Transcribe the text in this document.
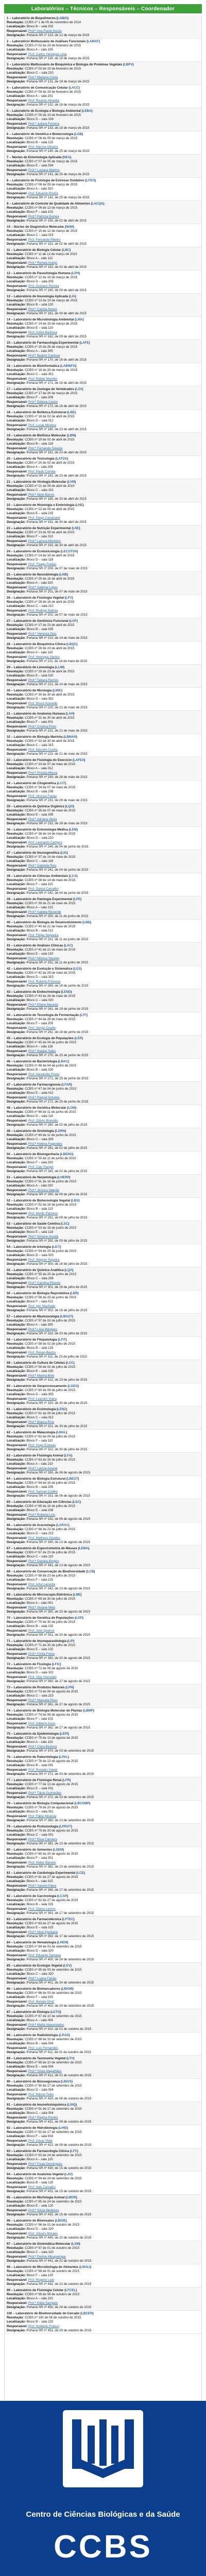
Laboratórios – Técnicos – Responsáveis – Coordenador
1 – Laboratório de Biopolímeros (LABIO)
Resolução: CCBS nº 1 de 05 de novembro de 2014
Localização: Bloco B – sala 302
Responsável: Prof.ª Ana Paula Souza
Designação: Portaria SR nº 123, de 12 de março de 2015
2 – Laboratório Multiusuário de Análises Funcionais (LAMAF)
Resolução: CCBS nº 02 de 19 de fevereiro de 2015
Localização: Bloco A – sala 105
Responsável: Prof. Carlos Henrique Lima
Designação: Portaria SR nº 130, de 18 de março de 2015
3 – Laboratório Multiusuário de Bioquímica e Biologia de Proteínas Vegetais (LBPV)
Resolução: CCBS nº 03 de 19 de fevereiro de 2015
Localização: Bloco C – sala 210
Responsável: Prof.ª Mariana Costa
Designação: Portaria SR nº 131, de 18 de março de 2015
4 – Laboratório de Comunicação Celular (LACC)
Resolução: CCBS nº 04 de 19 de fevereiro de 2015
Localização: Bloco A – sala 201
Responsável: Prof. Ricardo Almeida
Designação: Portaria SR nº 132, de 18 de março de 2015
5 – Laboratório de Ecologia e Biologia Ambiental (LEBA)
Resolução: CCBS nº 05 de 19 de fevereiro de 2015
Localização: Bloco D – sala 108
Responsável: Prof.ª Juliana Ferreira
Designação: Portaria SR nº 133, de 18 de março de 2015
6 – Laboratório de Genética e Biotecnologia (LGB)
Resolução: CCBS nº 06 de 05 de março de 2015
Localização: Bloco B – sala 115
Responsável: Prof. Marcos Oliveira
Designação: Portaria SR nº 140, de 25 de março de 2015
7 – Núcleo de Entomologia Aplicada (NEA)
Resolução: CCBS nº 07 de 05 de março de 2015
Localização: Bloco E – sala 004
Responsável: Prof.ª Luciana Martins
Designação: Portaria SR nº 141, de 25 de março de 2015
8 – Laboratório de Fisiologia de Estresse Oxidativo (LFEO)
Resolução: CCBS nº 08 de 05 de março de 2015
Localização: Bloco A – sala 310
Responsável: Prof. Eduardo Rocha
Designação: Portaria SR nº 142, de 25 de março de 2015
9 – Laboratório de Controle de Qualidade de Alimentos (LACQA)
Resolução: CCBS nº 09 de 12 de março de 2015
Localização: Bloco F – sala 102
Responsável: Prof.ª Patrícia Gomes
Designação: Portaria SR nº 150, de 02 de abril de 2015
10 – Núcleo de Diagnóstico Molecular (NDM)
Resolução: CCBS nº 10 de 12 de março de 2015
Localização: Bloco C – sala 015
Responsável: Prof. Fernando Ribeiro
Designação: Portaria SR nº 151, de 02 de abril de 2015
11 – Laboratório de Biologia Celular (LBC)
Resolução: CCBS nº 11 de 12 de março de 2015
Localização: Bloco A – sala 112
Responsável: Prof.ª Renata Araújo
Designação: Portaria SR nº 152, de 02 de abril de 2015
12 – Laboratório de Parasitologia Humana (LPH)
Resolução: CCBS nº 12 de 19 de março de 2015
Localização: Bloco D – sala 205
Responsável: Prof. Gustavo Pereira
Designação: Portaria SR nº 160, de 09 de abril de 2015
13 – Laboratório de Imunologia Aplicada (LIA)
Resolução: CCBS nº 13 de 19 de março de 2015
Localização: Bloco B – sala 220
Responsável: Prof.ª Camila Nunes
Designação: Portaria SR nº 161, de 09 de abril de 2015
14 – Laboratório de Microbiologia Ambiental (LMA)
Resolução: CCBS nº 14 de 19 de março de 2015
Localização: Bloco E – sala 110
Responsável: Prof. André Barbosa
Designação: Portaria SR nº 162, de 09 de abril de 2015
15 – Laboratório de Farmacologia Experimental (LAFE)
Resolução: CCBS nº 15 de 26 de março de 2015
Localização: Bloco A – sala 305
Responsável: Prof.ª Beatriz Cardoso
Designação: Portaria SR nº 170, de 16 de abril de 2015
16 – Laboratório de Bioinformática (LABINFO)
Resolução: CCBS nº 16 de 26 de março de 2015
Localização: Bloco C – sala 301
Responsável: Prof. Rafael Mendes
Designação: Portaria SR nº 171, de 16 de abril de 2015
17 – Laboratório de Zoologia de Vertebrados (LZV)
Resolução: CCBS nº 17 de 26 de março de 2015
Localização: Bloco F – sala 208
Responsável: Prof.ª Débora Castro
Designação: Portaria SR nº 172, de 16 de abril de 2015
18 – Laboratório de Botânica Estrutural (LBE)
Resolução: CCBS nº 18 de 02 de abril de 2015
Localização: Bloco D – sala 012
Responsável: Prof. Lucas Moreira
Designação: Portaria SR nº 180, de 23 de abril de 2015
19 – Laboratório de Biofísica Molecular (LBM)
Resolução: CCBS nº 19 de 02 de abril de 2015
Localização: Bloco B – sala 118
Responsável: Prof.ª Fernanda Teixeira
Designação: Portaria SR nº 181, de 23 de abril de 2015
20 – Laboratório de Toxicologia (LATOX)
Resolução: CCBS nº 20 de 02 de abril de 2015
Localização: Bloco A – sala 208
Responsável: Prof. Paulo Correia
Designação: Portaria SR nº 182, de 23 de abril de 2015
21 – Laboratório de Virologia Molecular (LVM)
Resolução: CCBS nº 21 de 09 de abril de 2015
Localização: Bloco C – sala 102
Responsável: Prof.ª Aline Barros
Designação: Portaria SR nº 190, de 30 de abril de 2015
22 – Laboratório de Histologia e Embriologia (LHE)
Resolução: CCBS nº 22 de 09 de abril de 2015
Localização: Bloco E – sala 215
Responsável: Prof. Diego Cavalcanti
Designação: Portaria SR nº 191, de 30 de abril de 2015
23 – Laboratório de Nutrição Experimental (LNE)
Resolução: CCBS nº 23 de 09 de abril de 2015
Localização: Bloco F – sala 310
Responsável: Prof.ª Larissa Monteiro
Designação: Portaria SR nº 192, de 30 de abril de 2015
24 – Laboratório de Ecotoxicologia (LECOTOX)
Resolução: CCBS nº 24 de 16 de abril de 2015
Localização: Bloco D – sala 118
Responsável: Prof. Thiago Freitas
Designação: Portaria SR nº 200, de 07 de maio de 2015
25 – Laboratório de Neurobiologia (LNB)
Resolução: CCBS nº 25 de 16 de abril de 2015
Localização: Bloco A – sala 320
Responsável: Prof.ª Sabrina Lopes
Designação: Portaria SR nº 201, de 07 de maio de 2015
26 – Laboratório de Fisiologia Vegetal (LFV)
Resolução: CCBS nº 26 de 16 de abril de 2015
Localização: Bloco C – sala 210
Responsável: Prof. Rodrigo Batista
Designação: Portaria SR nº 202, de 07 de maio de 2015
27 – Laboratório de Genômica Funcional (LGF)
Resolução: CCBS nº 27 de 23 de abril de 2015
Localização: Bloco B – sala 305
Responsável: Prof.ª Vanessa Dias
Designação: Portaria SR nº 210, de 14 de maio de 2015
28 – Laboratório de Bioquímica Clínica (LBQC)
Resolução: CCBS nº 28 de 23 de abril de 2015
Localização: Bloco A – sala 110
Responsável: Prof. Henrique Santos
Designação: Portaria SR nº 211, de 14 de maio de 2015
29 – Laboratório de Limnologia (LLIM)
Resolução: CCBS nº 29 de 23 de abril de 2015
Localização: Bloco E – sala 020
Responsável: Prof.ª Tatiana Ramos
Designação: Portaria SR nº 212, de 14 de maio de 2015
30 – Laboratório de Micologia (LMIC)
Resolução: CCBS nº 30 de 30 de abril de 2015
Localização: Bloco D – sala 302
Responsável: Prof. Bruno Azevedo
Designação: Portaria SR nº 220, de 21 de maio de 2015
31 – Laboratório de Anatomia Humana (LAH)
Resolução: CCBS nº 31 de 30 de abril de 2015
Localização: Bloco F – sala 001
Responsável: Prof.ª Cristina Pinto
Designação: Portaria SR nº 221, de 21 de maio de 2015
32 – Laboratório de Biologia Marinha (LBMAR)
Resolução: CCBS nº 32 de 30 de abril de 2015
Localização: Bloco C – sala 315
Responsável: Prof. Marcelo Cunha
Designação: Portaria SR nº 222, de 21 de maio de 2015
33 – Laboratório de Fisiologia do Exercício (LAFEX)
Resolução: CCBS nº 33 de 07 de maio de 2015
Localização: Bloco A – sala 012
Responsável: Prof.ª Priscila Moura
Designação: Portaria SR nº 230, de 28 de maio de 2015
34 – Laboratório de Citogenética (LCIT)
Resolução: CCBS nº 34 de 07 de maio de 2015
Localização: Bloco B – sala 208
Responsável: Prof. Vinícius Farias
Designação: Portaria SR nº 231, de 28 de maio de 2015
35 – Laboratório de Química Orgânica (LQO)
Resolução: CCBS nº 35 de 07 de maio de 2015
Localização: Bloco E – sala 305
Responsável: Prof.ª Adriana Vieira
Designação: Portaria SR nº 232, de 28 de maio de 2015
36 – Laboratório de Entomologia Médica (LEM)
Resolução: CCBS nº 36 de 14 de maio de 2015
Localização: Bloco D – sala 210
Responsável: Prof. Leonardo Campos
Designação: Portaria SR nº 240, de 04 de junho de 2015
37 – Laboratório de Imunogenética (LIG)
Resolução: CCBS nº 37 de 14 de maio de 2015
Localização: Bloco C – sala 118
Responsável: Prof.ª Gabriela Reis
Designação: Portaria SR nº 241, de 04 de junho de 2015
38 – Laboratório de Ciências Ambientais (LCA)
Resolução: CCBS nº 38 de 14 de maio de 2015
Localização: Bloco F – sala 115
Responsável: Prof. Daniel Carvalho
Designação: Portaria SR nº 242, de 04 de junho de 2015
39 – Laboratório de Patologia Experimental (LPE)
Resolução: CCBS nº 39 de 21 de maio de 2015
Localização: Bloco A – sala 215
Responsável: Prof.ª Isabela Rezende
Designação: Portaria SR nº 250, de 11 de junho de 2015
40 – Laboratório de Biologia do Desenvolvimento (LBD)
Resolução: CCBS nº 40 de 21 de maio de 2015
Localização: Bloco B – sala 012
Responsável: Prof. Felipe Nogueira
Designação: Portaria SR nº 251, de 11 de junho de 2015
41 – Laboratório de Análises Clínicas (LAC)
Resolução: CCBS nº 41 de 21 de maio de 2015
Localização: Bloco E – sala 210
Responsável: Prof.ª Mônica Tavares
Designação: Portaria SR nº 252, de 11 de junho de 2015
42 – Laboratório de Evolução e Sistemática (LES)
Resolução: CCBS nº 42 de 28 de maio de 2015
Localização: Bloco D – sala 315
Responsável: Prof. Roberto Fonseca
Designação: Portaria SR nº 260, de 18 de junho de 2015
43 – Laboratório de Endocrinologia (LEND)
Resolução: CCBS nº 43 de 28 de maio de 2015
Localização: Bloco C – sala 020
Responsável: Prof.ª Eliane Macedo
Designação: Portaria SR nº 261, de 18 de junho de 2015
44 – Laboratório de Tecnologia de Fermentação (LTF)
Resolução: CCBS nº 44 de 28 de maio de 2015
Localização: Bloco F – sala 205
Responsável: Prof. Sérgio Duarte
Designação: Portaria SR nº 262, de 18 de junho de 2015
45 – Laboratório de Ecologia de Populações (LEP)
Resolução: CCBS nº 45 de 04 de junho de 2015
Localização: Bloco A – sala 118
Responsável: Prof.ª Natália Sales
Designação: Portaria SR nº 270, de 25 de junho de 2015
46 – Laboratório de Bacteriologia (LBAC)
Resolução: CCBS nº 46 de 04 de junho de 2015
Localização: Bloco B – sala 320
Responsável: Prof. Alexandre Prado
Designação: Portaria SR nº 271, de 25 de junho de 2015
47 – Laboratório de Farmacognosia (LFAR)
Resolução: CCBS nº 47 de 04 de junho de 2015
Localização: Bloco E – sala 012
Responsável: Prof.ª Raquel Antunes
Designação: Portaria SR nº 272, de 25 de junho de 2015
48 – Laboratório de Genética Molecular (LGM)
Resolução: CCBS nº 48 de 11 de junho de 2015
Localização: Bloco D – sala 110
Responsável: Prof. Otávio Brandão
Designação: Portaria SR nº 280, de 02 de julho de 2015
49 – Laboratório de Ornitologia (LORN)
Resolução: CCBS nº 49 de 11 de junho de 2015
Localização: Bloco C – sala 305
Responsável: Prof.ª Helena Fagundes
Designação: Portaria SR nº 281, de 02 de julho de 2015
50 – Laboratório de Bioengenharia (LBENG)
Resolução: CCBS nº 50 de 11 de junho de 2015
Localização: Bloco F – sala 320
Responsável: Prof. Caio Rangel
Designação: Portaria SR nº 282, de 02 de julho de 2015
51 – Laboratório de Herpetologia (LHERP)
Resolução: CCBS nº 51 de 18 de junho de 2015
Localização: Bloco A – sala 020
Responsável: Prof.ª Jéssica Valente
Designação: Portaria SR nº 290, de 09 de julho de 2015
52 – Laboratório de Biotecnologia Vegetal (LBV)
Resolução: CCBS nº 52 de 18 de junho de 2015
Localização: Bloco B – sala 110
Responsável: Prof. Murilo Pacheco
Designação: Portaria SR nº 291, de 09 de julho de 2015
53 – Laboratório de Saúde Coletiva (LSC)
Resolução: CCBS nº 53 de 18 de junho de 2015
Localização: Bloco E – sala 118
Responsável: Prof.ª Simone Arruda
Designação: Portaria SR nº 292, de 09 de julho de 2015
54 – Laboratório de Ictiologia (LICT)
Resolução: CCBS nº 54 de 25 de junho de 2015
Localização: Bloco D – sala 020
Responsável: Prof. Wagner Siqueira
Designação: Portaria SR nº 300, de 16 de julho de 2015
55 – Laboratório de Química Analítica (LQA)
Resolução: CCBS nº 55 de 25 de junho de 2015
Localização: Bloco C – sala 208
Responsável: Prof.ª Carolina Peixoto
Designação: Portaria SR nº 301, de 16 de julho de 2015
56 – Laboratório de Biologia Reprodutiva (LBR)
Resolução: CCBS nº 56 de 25 de junho de 2015
Localização: Bloco F – sala 012
Responsável: Prof. Igor Machado
Designação: Portaria SR nº 302, de 16 de julho de 2015
57 – Laboratório de Mastozoologia (LMAST)
Resolução: CCBS nº 57 de 02 de julho de 2015
Localização: Bloco A – sala 305
Responsável: Prof.ª Lívia Marques
Designação: Portaria SR nº 310, de 23 de julho de 2015
58 – Laboratório de Fitopatologia (LFIT)
Resolução: CCBS nº 58 de 02 de julho de 2015
Localização: Bloco B – sala 215
Responsável: Prof. Renan Bastos
Designação: Portaria SR nº 311, de 23 de julho de 2015
59 – Laboratório de Cultura de Células (LCC)
Resolução: CCBS nº 59 de 02 de julho de 2015
Localização: Bloco E – sala 320
Responsável: Prof.ª Marina Brito
Designação: Portaria SR nº 312, de 23 de julho de 2015
60 – Laboratório de Geoprocessamento (LGEO)
Resolução: CCBS nº 60 de 09 de julho de 2015
Localização: Bloco D – sala 305
Responsável: Prof. Leandro Viana
Designação: Portaria SR nº 320, de 30 de julho de 2015
61 – Laboratório de Enzimologia (LENZ)
Resolução: CCBS nº 61 de 09 de julho de 2015
Localização: Bloco C – sala 012
Responsável: Prof.ª Bianca Rios
Designação: Portaria SR nº 321, de 30 de julho de 2015
62 – Laboratório de Malacologia (LMAL)
Resolução: CCBS nº 62 de 09 de julho de 2015
Localização: Bloco F – sala 110
Responsável: Prof. Hugo Esteves
Designação: Portaria SR nº 322, de 30 de julho de 2015
63 – Laboratório de Fisiologia Animal (LFA)
Resolução: CCBS nº 63 de 16 de julho de 2015
Localização: Bloco A – sala 210
Responsável: Prof.ª Letícia Amaral
Designação: Portaria SR nº 330, de 06 de agosto de 2015
64 – Laboratório de Biologia Estrutural (LBEST)
Resolução: CCBS nº 64 de 16 de julho de 2015
Localização: Bloco B – sala 305
Responsável: Prof. Samuel Coelho
Designação: Portaria SR nº 331, de 06 de agosto de 2015
65 – Laboratório de Educação em Ciências (LEC)
Resolução: CCBS nº 65 de 16 de julho de 2015
Localização: Bloco E – sala 208
Responsável: Prof.ª Roberta Lins
Designação: Portaria SR nº 332, de 06 de agosto de 2015
66 – Laboratório de Aracnologia (LARAC)
Resolução: CCBS nº 66 de 23 de julho de 2015
Localização: Bloco D – sala 215
Responsável: Prof. Matheus Guedes
Designação: Portaria SR nº 340, de 13 de agosto de 2015
67 – Laboratório de Espectrometria de Massas (LEMA)
Resolução: CCBS nº 67 de 23 de julho de 2015
Localização: Bloco C – sala 110
Responsável: Prof.ª Daniela Borges
Designação: Portaria SR nº 341, de 13 de agosto de 2015
68 – Laboratório de Conservação da Biodiversidade (LCB)
Resolução: CCBS nº 68 de 23 de julho de 2015
Localização: Bloco F – sala 215
Responsável: Prof. Artur Lacerda
Designação: Portaria SR nº 342, de 13 de agosto de 2015
69 – Laboratório de Microscopia Eletrônica (LME)
Resolução: CCBS nº 69 de 30 de julho de 2015
Localização: Bloco A – sala 001
Responsável: Prof.ª Viviane Melo
Designação: Portaria SR nº 350, de 20 de agosto de 2015
70 – Laboratório de Genética de Populações (LGP)
Resolução: CCBS nº 70 de 30 de julho de 2015
Localização: Bloco B – sala 102
Responsável: Prof. Júlio Queiroz
Designação: Portaria SR nº 351, de 20 de agosto de 2015
71 – Laboratório de Imunoparasitologia (LIP)
Resolução: CCBS nº 71 de 30 de julho de 2015
Localização: Bloco E – sala 102
Responsável: Prof.ª Cíntia Freire
Designação: Portaria SR nº 352, de 20 de agosto de 2015
72 – Laboratório de Ficologia (LFIC)
Resolução: CCBS nº 72 de 06 de agosto de 2015
Localização: Bloco D – sala 102
Responsável: Prof. Vitor Honorato
Designação: Portaria SR nº 360, de 27 de agosto de 2015
73 – Laboratório de Produtos Naturais (LPN)
Resolução: CCBS nº 73 de 06 de agosto de 2015
Localização: Bloco C – sala 215
Responsável: Prof.ª Manuela Pires
Designação: Portaria SR nº 361, de 27 de agosto de 2015
74 – Laboratório de Biologia Molecular de Plantas (LBMP)
Resolução: CCBS nº 74 de 06 de agosto de 2015
Localização: Bloco F – sala 102
Responsável: Prof. Gilberto Assis
Designação: Portaria SR nº 362, de 27 de agosto de 2015
75 – Laboratório de Epidemiologia (LEPI)
Resolução: CCBS nº 75 de 13 de agosto de 2015
Localização: Bloco A – sala 102
Responsável: Prof.ª Clara Bezerra
Designação: Portaria SR nº 370, de 03 de setembro de 2015
76 – Laboratório de Paleontologia (LPAL)
Resolução: CCBS nº 76 de 13 de agosto de 2015
Localização: Bloco B – sala 001
Responsável: Prof. Ronaldo Xavier
Designação: Portaria SR nº 371, de 03 de setembro de 2015
77 – Laboratório de Fisiologia Renal (LFR)
Resolução: CCBS nº 77 de 13 de agosto de 2015
Localização: Bloco E – sala 001
Responsável: Prof.ª Tânia Guimarães
Designação: Portaria SR nº 372, de 03 de setembro de 2015
78 – Laboratório de Biologia Computacional (LBCOMP)
Resolução: CCBS nº 78 de 20 de agosto de 2015
Localização: Bloco D – sala 001
Responsável: Prof. Fábio Miranda
Designação: Portaria SR nº 380, de 10 de setembro de 2015
79 – Laboratório de Protozoologia (LPROT)
Resolução: CCBS nº 79 de 20 de agosto de 2015
Localização: Bloco C – sala 001
Responsável: Prof.ª Elisa Carneiro
Designação: Portaria SR nº 381, de 10 de setembro de 2015
80 – Laboratório de Sementes (LSEM)
Resolução: CCBS nº 80 de 20 de agosto de 2015
Localização: Bloco F – sala 001
Responsável: Prof. Heitor Barreto
Designação: Portaria SR nº 382, de 10 de setembro de 2015
81 – Laboratório de Cardiologia Experimental (LCE)
Resolução: CCBS nº 81 de 27 de agosto de 2015
Localização: Bloco A – sala 315
Responsável: Prof.ª Yasmin Paiva
Designação: Portaria SR nº 390, de 17 de setembro de 2015
82 – Laboratório de Carcinologia (LCAR)
Resolução: CCBS nº 82 de 27 de agosto de 2015
Localização: Bloco B – sala 315
Responsável: Prof. Otávio Lemos
Designação: Portaria SR nº 391, de 17 de setembro de 2015
83 – Laboratório de Farmacotécnica (LFTEC)
Resolução: CCBS nº 83 de 27 de agosto de 2015
Localização: Bloco E – sala 315
Responsável: Prof.ª Alice Quintana
Designação: Portaria SR nº 392, de 17 de setembro de 2015
84 – Laboratório de Hematologia (LHEM)
Resolução: CCBS nº 84 de 03 de setembro de 2015
Localização: Bloco D – sala 320
Responsável: Prof. Eduardo Santana
Designação: Portaria SR nº 400, de 24 de setembro de 2015
85 – Laboratório de Ecologia Vegetal (LEV)
Resolução: CCBS nº 85 de 03 de setembro de 2015
Localização: Bloco C – sala 320
Responsável: Prof.ª Luana Falcão
Designação: Portaria SR nº 401, de 24 de setembro de 2015
86 – Laboratório de Biomarcadores (LBIOM)
Resolução: CCBS nº 86 de 03 de setembro de 2015
Localização: Bloco F – sala 315
Responsável: Prof. Renato Diniz
Designação: Portaria SR nº 402, de 24 de setembro de 2015
87 – Laboratório de Etologia (LETO)
Resolução: CCBS nº 87 de 10 de setembro de 2015
Localização: Bloco A – sala 004
Responsável: Prof.ª Marta Vasconcelos
Designação: Portaria SR nº 410, de 01 de outubro de 2015
88 – Laboratório de Radiobiologia (LRAD)
Resolução: CCBS nº 88 de 10 de setembro de 2015
Localização: Bloco B – sala 004
Responsável: Prof. Luís Fernandes
Designação: Portaria SR nº 411, de 01 de outubro de 2015
89 – Laboratório de Taxonomia Vegetal (LTV)
Resolução: CCBS nº 89 de 10 de setembro de 2015
Localização: Bloco E – sala 004
Responsável: Prof.ª Sônia Magalhães
Designação: Portaria SR nº 412, de 01 de outubro de 2015
90 – Laboratório de Biossegurança (LBIOS)
Resolução: CCBS nº 90 de 17 de setembro de 2015
Localização: Bloco D – sala 004
Responsável: Prof. Márcio Teles
Designação: Portaria SR nº 420, de 08 de outubro de 2015
91 – Laboratório de Imunohistoquímica (LIHQ)
Resolução: CCBS nº 91 de 17 de setembro de 2015
Localização: Bloco C – sala 004
Responsável: Prof.ª Regina Pontes
Designação: Portaria SR nº 421, de 08 de outubro de 2015
92 – Laboratório de Hidrobiologia (LHID)
Resolução: CCBS nº 92 de 17 de setembro de 2015
Localização: Bloco F – sala 004
Responsável: Prof. César Vidal
Designação: Portaria SR nº 422, de 08 de outubro de 2015
93 – Laboratório de Farmacologia Clínica (LFC)
Resolução: CCBS nº 93 de 24 de setembro de 2015
Localização: Bloco A – sala 120
Responsável: Prof.ª Paula Domingues
Designação: Portaria SR nº 430, de 15 de outubro de 2015
94 – Laboratório de Anatomia Vegetal (LAV)
Resolução: CCBS nº 94 de 24 de setembro de 2015
Localização: Bloco B – sala 120
Responsável: Prof. Ítalo Carvalho
Designação: Portaria SR nº 431, de 15 de outubro de 2015
95 – Laboratório de Morfologia Animal (LMOR)
Resolução: CCBS nº 95 de 24 de setembro de 2015
Localização: Bloco E – sala 120
Responsável: Prof.ª Sílvia Medeiros
Designação: Portaria SR nº 432, de 15 de outubro de 2015
96 – Laboratório de Bioensaios (LBIOE)
Resolução: CCBS nº 96 de 01 de outubro de 2015
Localização: Bloco D – sala 120
Responsável: Prof. Ulisses Moraes
Designação: Portaria SR nº 440, de 22 de outubro de 2015
97 – Laboratório de Sistemática Molecular (LSM)
Resolução: CCBS nº 97 de 01 de outubro de 2015
Localização: Bloco C – sala 120
Responsável: Prof.ª Denise Albuquerque
Designação: Portaria SR nº 441, de 22 de outubro de 2015
98 – Laboratório de Microbiologia de Alimentos (LMALI)
Resolução: CCBS nº 98 de 01 de outubro de 2015
Localização: Bloco F – sala 120
Responsável: Prof. Rogério Leal
Designação: Portaria SR nº 442, de 22 de outubro de 2015
99 – Laboratório de Fisiologia Celular (LFCEL)
Resolução: CCBS nº 99 de 08 de outubro de 2015
Localização: Bloco A – sala 220
Responsável: Prof.ª Kátia Sampaio
Designação: Portaria SR nº 450, de 29 de outubro de 2015
100 – Laboratório de Biodiversidade do Cerrado (LBCER)
Resolução: CCBS nº 100 de 08 de outubro de 2015
Localização: Bloco B – sala 220
Responsável: Prof. Norberto Franco
Designação: Portaria SR nº 451, de 29 de outubro de 2015
Centro de Ciências Biológicas e da Saúde
CCBS
